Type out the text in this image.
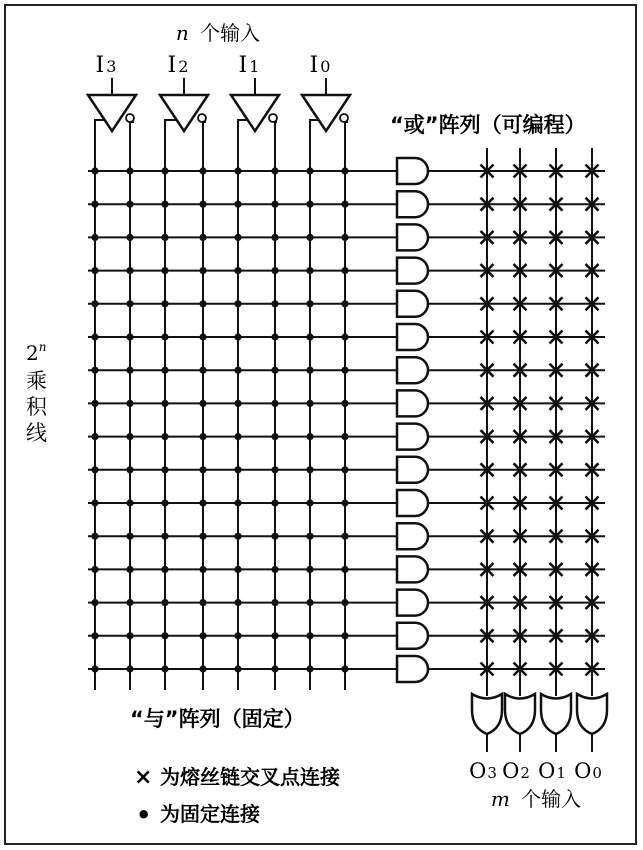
n 个输入
I 3 I 2 I 1 I 0
“或”阵列（可编程）
“与”阵列（固定）
2$^n$
乘
积
线
O3 O2 O1 O0
m 个输入
× 为熔丝链交叉点连接
• 为固定连接
